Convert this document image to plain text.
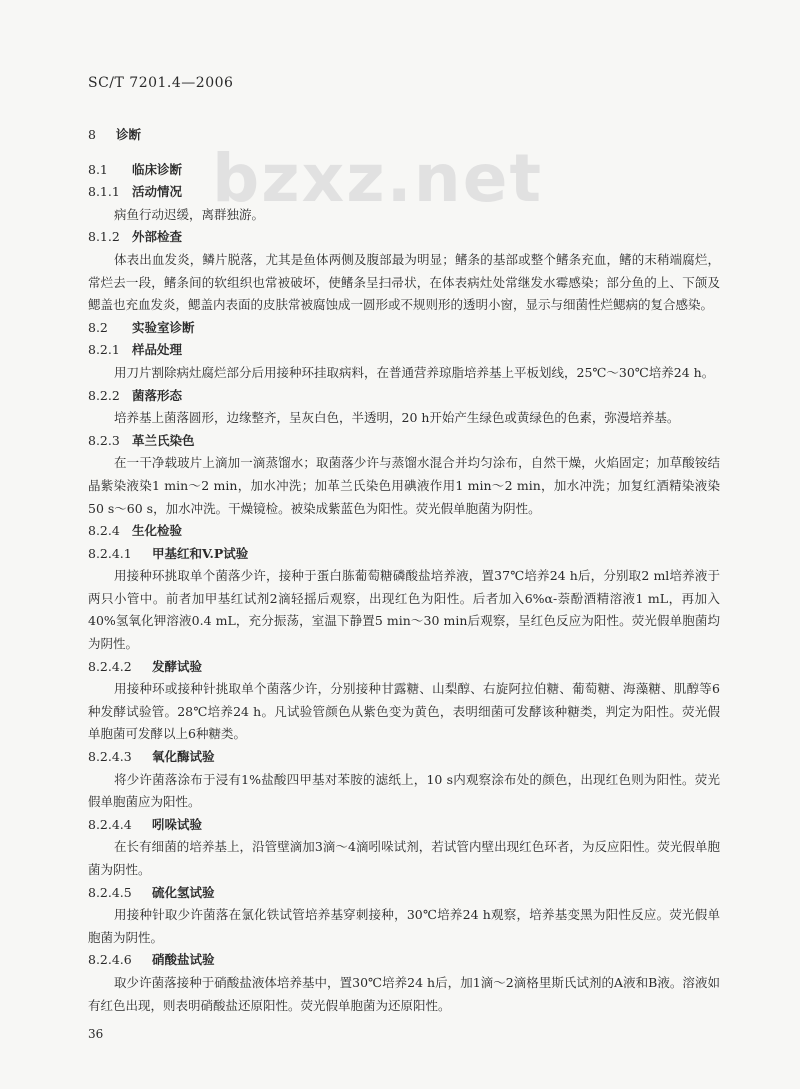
SC/T 7201.4—2006
bzxz.net
8	诊断
8.1	临床诊断
8.1.1 活动情况
病鱼行动迟缓，离群独游。
8.1.2 外部检查
体表出血发炎，鳞片脱落，尤其是鱼体两侧及腹部最为明显；鳍条的基部或整个鳍条充血，鳍的末稍端腐烂，常烂去一段，鳍条间的软组织也常被破坏，使鳍条呈扫帚状，在体表病灶处常继发水霉感染；部分鱼的上、下颌及鳃盖也充血发炎，鳃盖内表面的皮肤常被腐蚀成一圆形或不规则形的透明小窗，显示与细菌性烂鳃病的复合感染。
8.2	实验室诊断
8.2.1 样品处理
用刀片割除病灶腐烂部分后用接种环挂取病料，在普通营养琼脂培养基上平板划线，25℃～30℃培养24 h。
8.2.2 菌落形态
培养基上菌落圆形，边缘整齐，呈灰白色，半透明，20 h开始产生绿色或黄绿色的色素，弥漫培养基。
8.2.3 革兰氏染色
在一干净载玻片上滴加一滴蒸馏水；取菌落少许与蒸馏水混合并均匀涂布，自然干燥，火焰固定；加草酸铵结晶紫染液染1 min～2 min，加水冲洗；加革兰氏染色用碘液作用1 min～2 min，加水冲洗；加复红酒精染液染50 s～60 s，加水冲洗。干燥镜检。被染成紫蓝色为阳性。荧光假单胞菌为阴性。
8.2.4 生化检验
8.2.4.1	甲基红和V.P试验
用接种环挑取单个菌落少许，接种于蛋白胨葡萄糖磷酸盐培养液，置37℃培养24 h后，分别取2 ml培养液于两只小管中。前者加甲基红试剂2滴轻摇后观察，出现红色为阳性。后者加入6%α-萘酚酒精溶液1 mL，再加入40%氢氧化钾溶液0.4 mL，充分振荡，室温下静置5 min～30 min后观察，呈红色反应为阳性。荧光假单胞菌均为阴性。
8.2.4.2	发酵试验
用接种环或接种针挑取单个菌落少许，分别接种甘露糖、山梨醇、右旋阿拉伯糖、葡萄糖、海藻糖、肌醇等6种发酵试验管。28℃培养24 h。凡试验管颜色从紫色变为黄色，表明细菌可发酵该种糖类，判定为阳性。荧光假单胞菌可发酵以上6种糖类。
8.2.4.3	氧化酶试验
将少许菌落涂布于浸有1%盐酸四甲基对苯胺的滤纸上，10 s内观察涂布处的颜色，出现红色则为阳性。荧光假单胞菌应为阳性。
8.2.4.4	吲哚试验
在长有细菌的培养基上，沿管壁滴加3滴～4滴吲哚试剂，若试管内壁出现红色环者，为反应阳性。荧光假单胞菌为阴性。
8.2.4.5	硫化氢试验
用接种针取少许菌落在氯化铁试管培养基穿刺接种，30℃培养24 h观察，培养基变黑为阳性反应。荧光假单胞菌为阴性。
8.2.4.6	硝酸盐试验
取少许菌落接种于硝酸盐液体培养基中，置30℃培养24 h后，加1滴～2滴格里斯氏试剂的A液和B液。溶液如有红色出现，则表明硝酸盐还原阳性。荧光假单胞菌为还原阳性。
36
